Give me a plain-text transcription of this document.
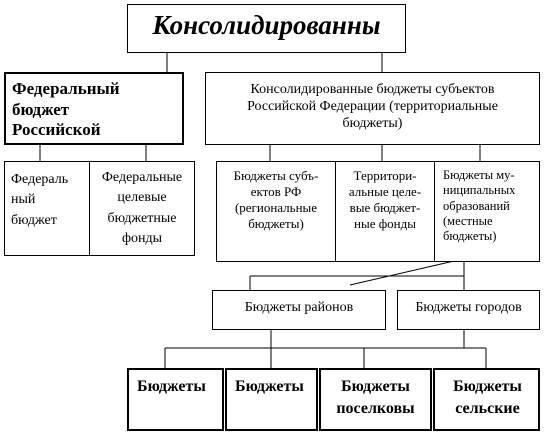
Консолидированны
Федеральный бюджет Российской
Консолидированные бюджеты субъектов Российской Федерации (территориальные бюджеты)
Федераль ный бюджет
Федеральные целевые бюджетные фонды
Бюджеты субъ- ектов РФ (региональные бюджеты)
Территори- альные целе-вые бюджет- ные фонды
Бюджеты му- ниципальных образований (местные бюджеты)
Бюджеты районов	Бюджеты городов
Бюджеты Бюджеты	Бюджеты поселковы
Бюджеты сельские
